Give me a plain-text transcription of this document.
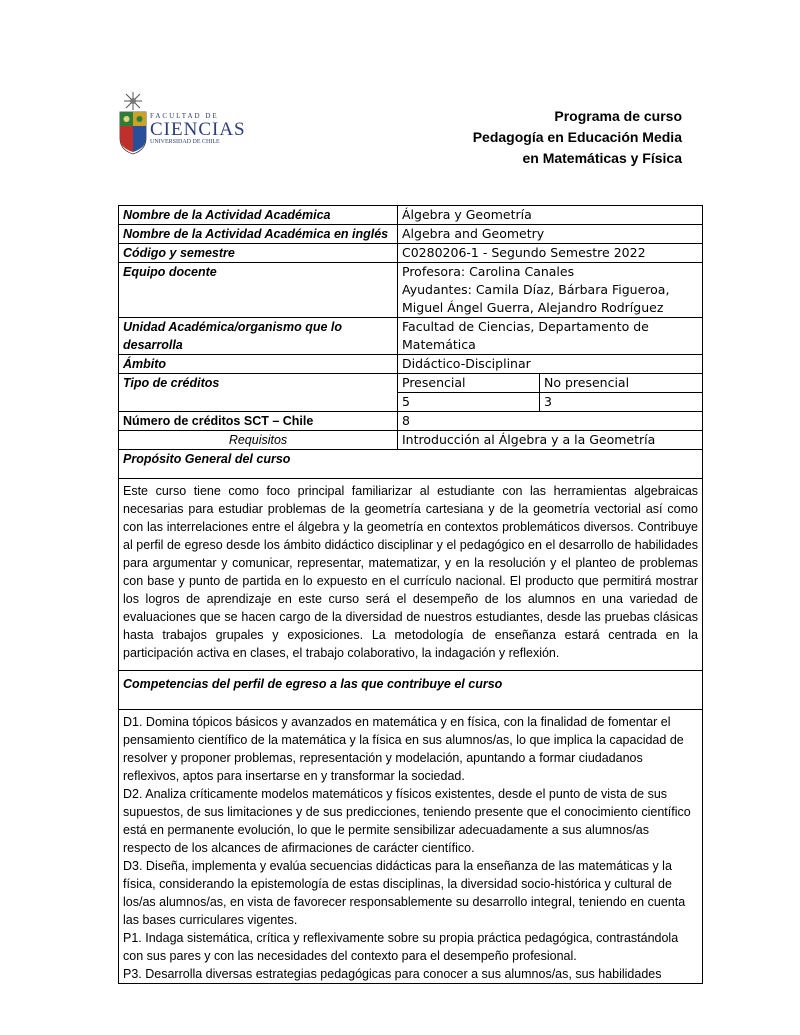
FACULTAD DE
CIENCIAS
UNIVERSIDAD DE CHILE
Programa de curso
Pedagogía en Educación Media
en Matemáticas y Física
Nombre de la Actividad Académica	Álgebra y Geometría	
Nombre de la Actividad Académica en inglés	Algebra and Geometry	
Código y semestre	C0280206-1 - Segundo Semestre 2022	
Equipo docente	Profesora: Carolina Canales
Ayudantes: Camila Díaz, Bárbara Figueroa, Miguel Ángel Guerra, Alejandro Rodríguez	

Unidad Académica/organismo que lo desarrolla	Facultad de Ciencias, Departamento de Matemática	
Ámbito	Didáctico-Disciplinar	
Tipo de créditos	Presencial	No presencial
	5	3
Número de créditos SCT – Chile	8	
Requisitos	Introducción al Álgebra y a la Geometría	
Propósito General del curso		
Este curso tiene como foco principal familiarizar al estudiante con las herramientas algebraicas necesarias para estudiar problemas de la geometría cartesiana y de la geometría vectorial así como con las interrelaciones entre el álgebra y la geometría en contextos problemáticos diversos. Contribuye al perfil de egreso desde los ámbito didáctico disciplinar y el pedagógico en el desarrollo de habilidades para argumentar y comunicar, representar, matematizar, y en la resolución y el planteo de problemas con base y punto de partida en lo expuesto en el currículo nacional. El producto que permitirá mostrar los logros de aprendizaje en este curso será el desempeño de los alumnos en una variedad de evaluaciones que se hacen cargo de la diversidad de nuestros estudiantes, desde las pruebas clásicas hasta trabajos grupales y exposiciones. La metodología de enseñanza estará centrada en la participación activa en clases, el trabajo colaborativo, la indagación y reflexión.		
Competencias del perfil de egreso a las que contribuye el curso		

D1. Domina tópicos básicos y avanzados en matemática y en física, con la finalidad de fomentar el pensamiento científico de la matemática y la física en sus alumnos/as, lo que implica la capacidad de resolver y proponer problemas, representación y modelación, apuntando a formar ciudadanos reflexivos, aptos para insertarse en y transformar la sociedad.

D2. Analiza críticamente modelos matemáticos y físicos existentes, desde el punto de vista de sus supuestos, de sus limitaciones y de sus predicciones, teniendo presente que el conocimiento científico está en permanente evolución, lo que le permite sensibilizar adecuadamente a sus alumnos/as respecto de los alcances de afirmaciones de carácter científico.

D3. Diseña, implementa y evalúa secuencias didácticas para la enseñanza de las matemáticas y la física, considerando la epistemología de estas disciplinas, la diversidad socio-histórica y cultural de los/as alumnos/as, en vista de favorecer responsablemente su desarrollo integral, teniendo en cuenta las bases curriculares vigentes.

P1. Indaga sistemática, crítica y reflexivamente sobre su propia práctica pedagógica, contrastándola con sus pares y con las necesidades del contexto para el desempeño profesional.

P3. Desarrolla diversas estrategias pedagógicas para conocer a sus alumnos/as, sus habilidades		
